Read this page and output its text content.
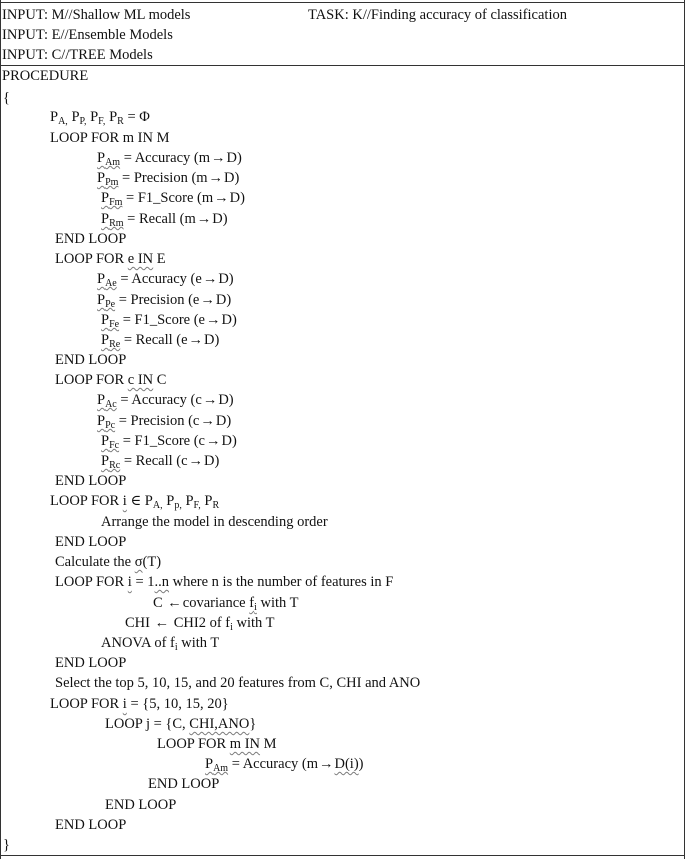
INPUT: M//Shallow ML models	TASK: K//Finding accuracy of classification
INPUT: E//Ensemble Models
INPUT: C//TREE Models
PROCEDURE
{
$P_{A,}$ $P_{P,}$ $P_{F,}$ $P_R = \Phi$
LOOP FOR m IN M
$P_{Am}$ = Accuracy (m→D)
$P_{Pm}$ = Precision (m→D)
$P_{Fm}$ = F1_Score (m→D)
$P_{Rm}$ = Recall (m→D)
END LOOP
LOOP FOR e IN E
$P_{Ae}$ = Accuracy (e→D)
$P_{Pe}$ = Precision (e→D)
$P_{Fe}$ = F1_Score (e→D)
$P_{Re}$ = Recall (e→D)
END LOOP
LOOP FOR c IN C
$P_{Ac}$ = Accuracy (c→D)
$P_{Pc}$ = Precision (c→D)
$P_{Fc}$ = F1_Score (c→D)
$P_{Rc}$ = Recall (c→D)
END LOOP
LOOP FOR i ∈ $P_{A,}$ $P_{p,}$ $P_{F,}$ $P_R$
Arrange the model in descending order
END LOOP
Calculate the σ(T)
LOOP FOR i = 1..n where n is the number of features in F
C ←covariance $f_i$ with T
CHI ← CHI2 of $f_i$ with T
ANOVA of $f_i$ with T
END LOOP
Select the top 5, 10, 15, and 20 features from C, CHI and ANO
LOOP FOR i = {5, 10, 15, 20}
LOOP j = {C, CHI,ANO}
LOOP FOR m IN M
$P_{Am}$ = Accuracy (m→D(i))
END LOOP
END LOOP
END LOOP
}
